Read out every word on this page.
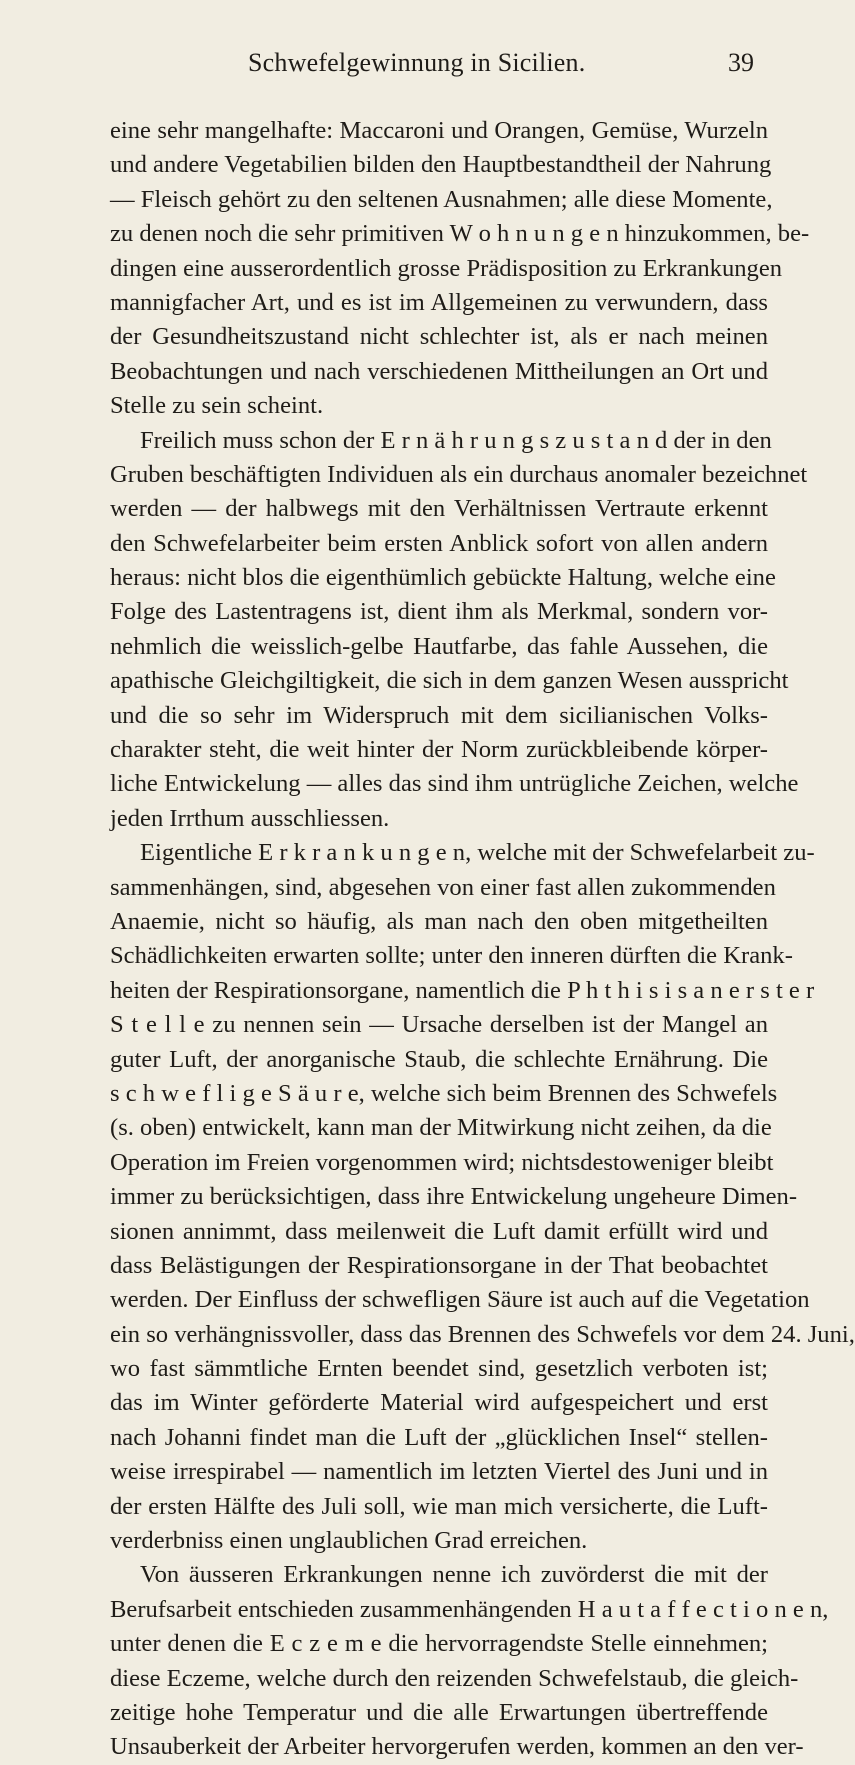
Schwefelgewinnung in Sicilien.	39
eine sehr mangelhafte: Maccaroni und Orangen, Gemüse, Wurzeln
und andere Vegetabilien bilden den Hauptbestandtheil der Nahrung
— Fleisch gehört zu den seltenen Ausnahmen; alle diese Momente,
zu denen noch die sehr primitiven W o h n u n g e n hinzukommen, be-
dingen eine ausserordentlich grosse Prädisposition zu Erkrankungen
mannigfacher Art, und es ist im Allgemeinen zu verwundern, dass
der Gesundheitszustand nicht schlechter ist, als er nach meinen
Beobachtungen und nach verschiedenen Mittheilungen an Ort und
Stelle zu sein scheint.
Freilich muss schon der E r n ä h r u n g s z u s t a n d der in den
Gruben beschäftigten Individuen als ein durchaus anomaler bezeichnet
werden — der halbwegs mit den Verhältnissen Vertraute erkennt
den Schwefelarbeiter beim ersten Anblick sofort von allen andern
heraus: nicht blos die eigenthümlich gebückte Haltung, welche eine
Folge des Lastentragens ist, dient ihm als Merkmal, sondern vor-
nehmlich die weisslich-gelbe Hautfarbe, das fahle Aussehen, die
apathische Gleichgiltigkeit, die sich in dem ganzen Wesen ausspricht
und die so sehr im Widerspruch mit dem sicilianischen Volks-
charakter steht, die weit hinter der Norm zurückbleibende körper-
liche Entwickelung — alles das sind ihm untrügliche Zeichen, welche
jeden Irrthum ausschliessen.
Eigentliche E r k r a n k u n g e n, welche mit der Schwefelarbeit zu-
sammenhängen, sind, abgesehen von einer fast allen zukommenden
Anaemie, nicht so häufig, als man nach den oben mitgetheilten
Schädlichkeiten erwarten sollte; unter den inneren dürften die Krank-
heiten der Respirationsorgane, namentlich die P h t h i s i s a n e r s t e r
S t e l l e zu nennen sein — Ursache derselben ist der Mangel an
guter Luft, der anorganische Staub, die schlechte Ernährung. Die
s c h w e f l i g e S ä u r e, welche sich beim Brennen des Schwefels
(s. oben) entwickelt, kann man der Mitwirkung nicht zeihen, da die
Operation im Freien vorgenommen wird; nichtsdestoweniger bleibt
immer zu berücksichtigen, dass ihre Entwickelung ungeheure Dimen-
sionen annimmt, dass meilenweit die Luft damit erfüllt wird und
dass Belästigungen der Respirationsorgane in der That beobachtet
werden. Der Einfluss der schwefligen Säure ist auch auf die Vegetation
ein so verhängnissvoller, dass das Brennen des Schwefels vor dem 24. Juni,
wo fast sämmtliche Ernten beendet sind, gesetzlich verboten ist;
das im Winter geförderte Material wird aufgespeichert und erst
nach Johanni findet man die Luft der „glücklichen Insel“ stellen-
weise irrespirabel — namentlich im letzten Viertel des Juni und in
der ersten Hälfte des Juli soll, wie man mich versicherte, die Luft-
verderbniss einen unglaublichen Grad erreichen.
Von äusseren Erkrankungen nenne ich zuvörderst die mit der
Berufsarbeit entschieden zusammenhängenden H a u t a f f e c t i o n e n,
unter denen die E c z e m e die hervorragendste Stelle einnehmen;
diese Eczeme, welche durch den reizenden Schwefelstaub, die gleich-
zeitige hohe Temperatur und die alle Erwartungen übertreffende
Unsauberkeit der Arbeiter hervorgerufen werden, kommen an den ver-
